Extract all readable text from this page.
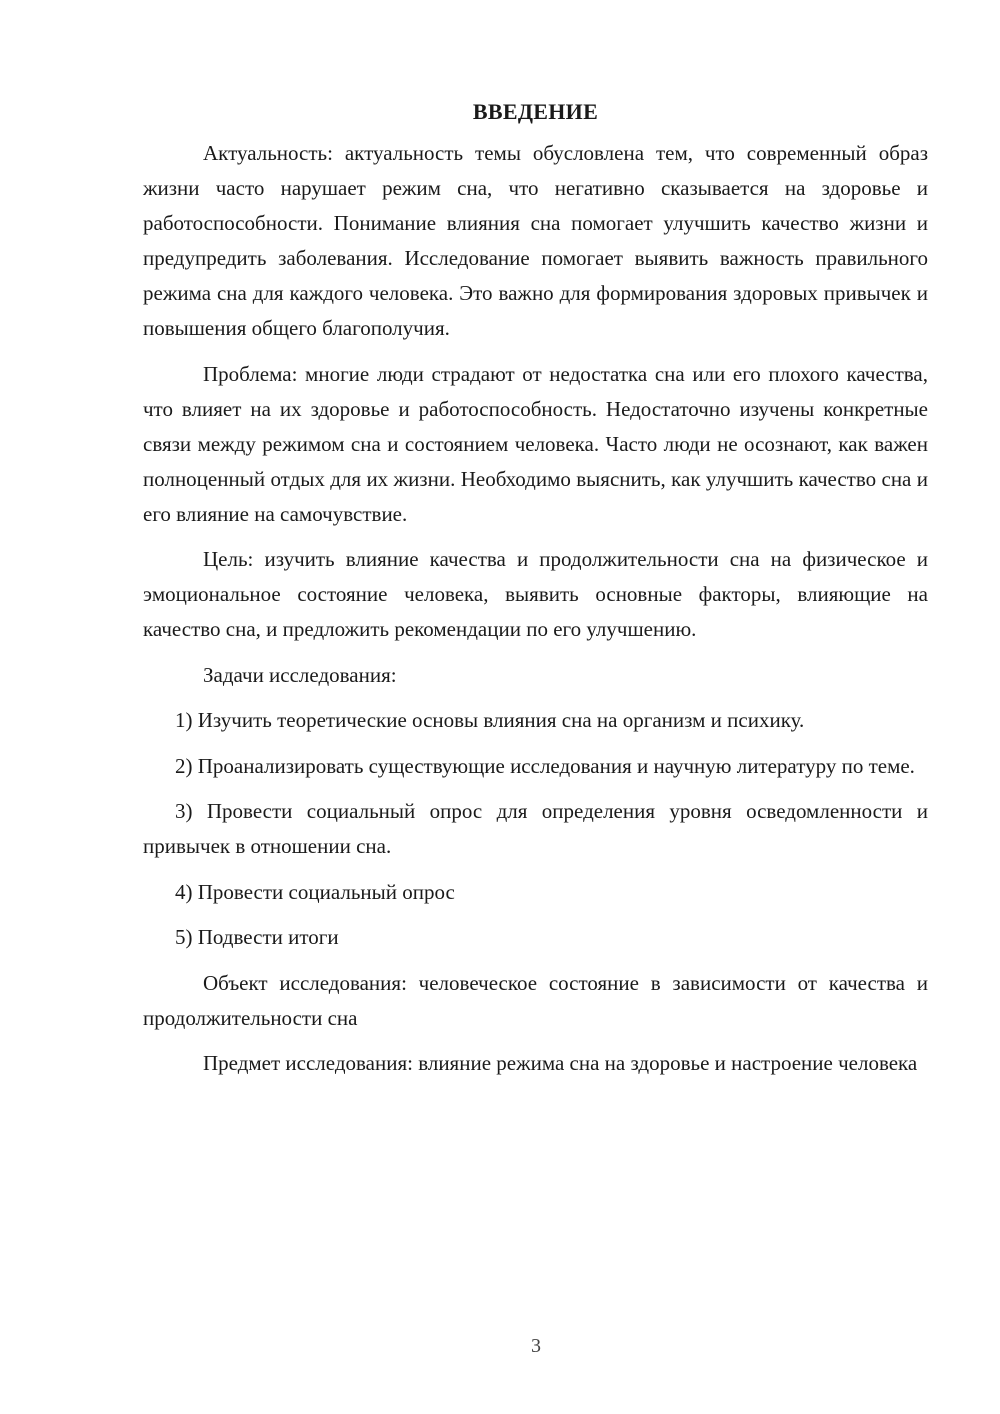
ВВЕДЕНИЕ

Актуальность: актуальность темы обусловлена тем, что современный образ жизни часто нарушает режим сна, что негативно сказывается на здоровье и работоспособности. Понимание влияния сна помогает улучшить качество жизни и предупредить заболевания. Исследование помогает выявить важность правильного режима сна для каждого человека. Это важно для формирования здоровых привычек и повышения общего благополучия.

Проблема: многие люди страдают от недостатка сна или его плохого качества, что влияет на их здоровье и работоспособность. Недостаточно изучены конкретные связи между режимом сна и состоянием человека. Часто люди не осознают, как важен полноценный отдых для их жизни. Необходимо выяснить, как улучшить качество сна и его влияние на самочувствие.

Цель: изучить влияние качества и продолжительности сна на физическое и эмоциональное состояние человека, выявить основные факторы, влияющие на качество сна, и предложить рекомендации по его улучшению.

Задачи исследования:

1) Изучить теоретические основы влияния сна на организм и психику.

2) Проанализировать существующие исследования и научную литературу по теме.

3) Провести социальный опрос для определения уровня осведомленности и привычек в отношении сна.

4) Провести социальный опрос

5) Подвести итоги

Объект исследования: человеческое состояние в зависимости от качества и продолжительности сна

Предмет исследования: влияние режима сна на здоровье и настроение человека

3
